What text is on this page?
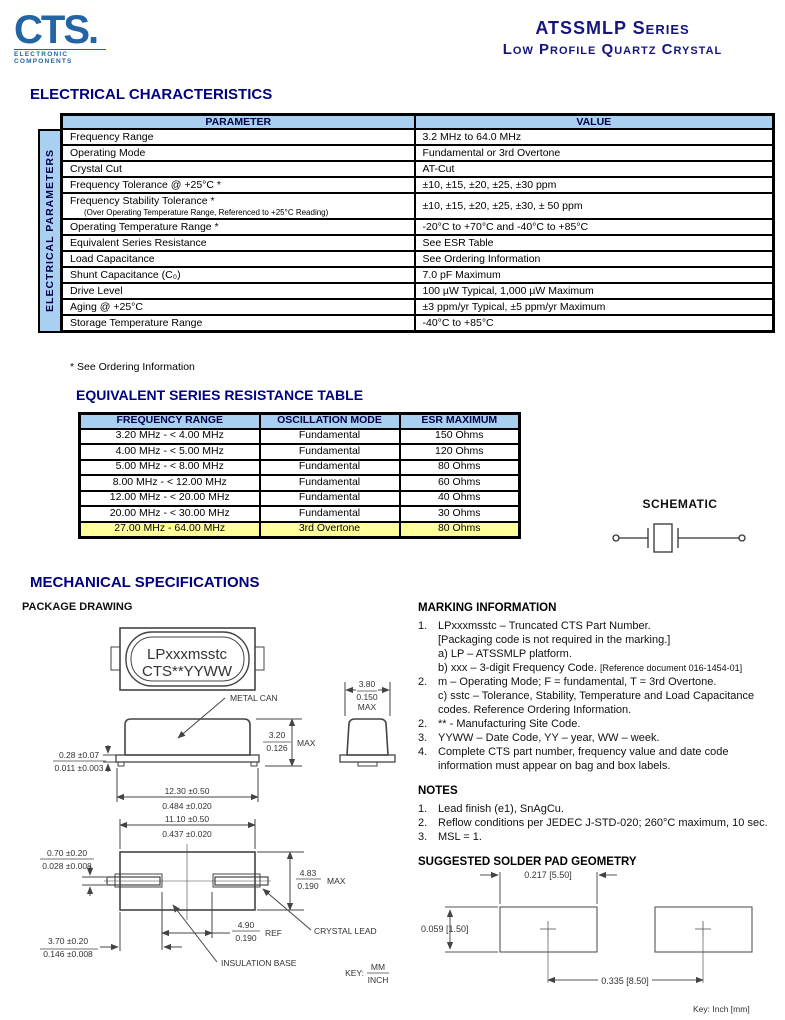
CTS.
ELECTRONIC COMPONENTS
ATSSMLP Series
Low Profile Quartz Crystal
ELECTRICAL CHARACTERISTICS
ELECTRICAL PARAMETERS
PARAMETER	VALUE
Frequency Range	3.2 MHz to 64.0 MHz
Operating Mode	Fundamental or 3rd Overtone
Crystal Cut	AT-Cut
Frequency Tolerance @ +25°C *	±10, ±15, ±20, ±25, ±30 ppm

Frequency Stability Tolerance *
(Over Operating Temperature Range, Referenced to +25°C Reading)	±10, ±15, ±20, ±25, ±30, ± 50 ppm
Operating Temperature Range *	-20°C to +70°C and -40°C to +85°C
Equivalent Series Resistance	See ESR Table
Load Capacitance	See Ordering Information
Shunt Capacitance (C₀)	7.0 pF Maximum
Drive Level	100 µW Typical, 1,000 µW Maximum
Aging @ +25°C	±3 ppm/yr Typical, ±5 ppm/yr Maximum
Storage Temperature Range	-40°C to +85°C
* See Ordering Information
EQUIVALENT SERIES RESISTANCE TABLE
FREQUENCY RANGE	OSCILLATION MODE	ESR MAXIMUM
3.20 MHz - < 4.00 MHz	Fundamental	150 Ohms
4.00 MHz - < 5.00 MHz	Fundamental	120 Ohms
5.00 MHz - < 8.00 MHz	Fundamental	80 Ohms
8.00 MHz - < 12.00 MHz	Fundamental	60 Ohms
12.00 MHz - < 20.00 MHz	Fundamental	40 Ohms
20.00 MHz - < 30.00 MHz	Fundamental	30 Ohms
27.00 MHz - 64.00 MHz	3rd Overtone	80 Ohms
SCHEMATIC
MECHANICAL SPECIFICATIONS
PACKAGE DRAWING
LPxxxmsstc
CTS**YYWW
METAL CAN
3.20
0.126 MAX
3.80
0.150
MAX
0.28 ±0.07
0.011 ±0.003
12.30 ±0.50
0.484 ±0.020
11.10 ±0.50
0.437 ±0.020
0.70 ±0.20
0.028 ±0.008
4.83
0.190 MAX
4.90
0.190 REF
3.70 ±0.20
0.146 ±0.008
CRYSTAL LEAD
INSULATION BASE
KEY:
MM
INCH
MARKING INFORMATION
1. LPxxxmsstc – Truncated CTS Part Number.
[Packaging code is not required in the marking.]
a) LP – ATSSMLP platform.
b) xxx – 3-digit Frequency Code. [Reference document 016-1454-01]
2. m – Operating Mode; F = fundamental, T = 3rd Overtone.
c) sstc – Tolerance, Stability, Temperature and Load Capacitance codes. Reference Ordering Information.
2. ** - Manufacturing Site Code.
3. YYWW – Date Code, YY – year, WW – week.
4. Complete CTS part number, frequency value and date code information must appear on bag and box labels.
NOTES
1. Lead finish (e1), SnAgCu.
2. Reflow conditions per JEDEC J-STD-020; 260°C maximum, 10 sec.
3. MSL = 1.
SUGGESTED SOLDER PAD GEOMETRY
0.217 [5.50]
0.059 [1.50]
0.335 [8.50]
Key: Inch [mm]
